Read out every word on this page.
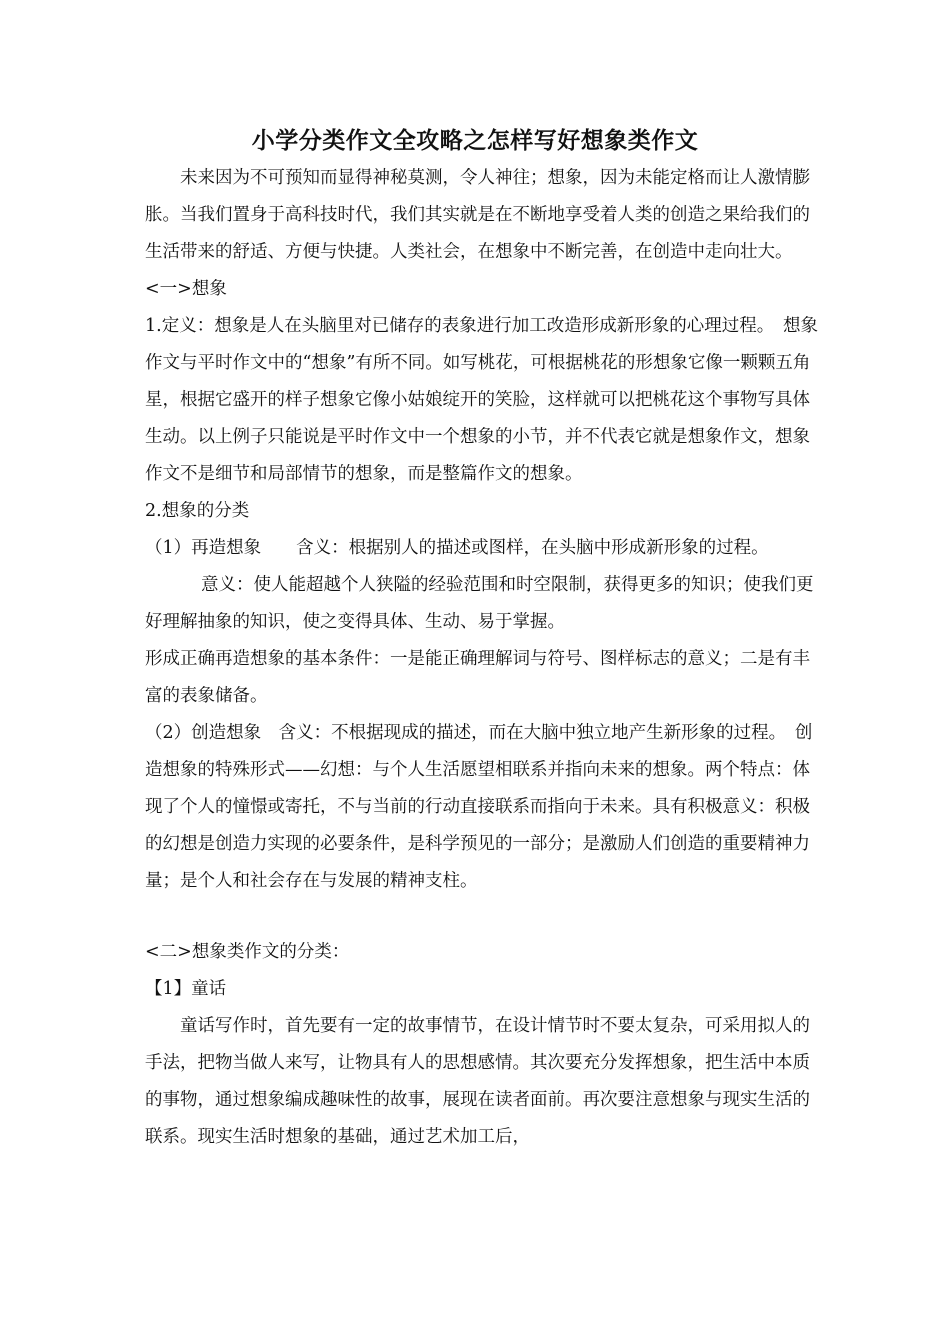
小学分类作文全攻略之怎样写好想象类作文

未来因为不可预知而显得神秘莫测，令人神往；想象，因为未能定格而让人激情膨胀。当我们置身于高科技时代，我们其实就是在不断地享受着人类的创造之果给我们的生活带来的舒适、方便与快捷。人类社会，在想象中不断完善，在创造中走向壮大。

<一>想象

1.定义：想象是人在头脑里对已储存的表象进行加工改造形成新形象的心理过程。　想象作文与平时作文中的“想象”有所不同。如写桃花，可根据桃花的形想象它像一颗颗五角星，根据它盛开的样子想象它像小姑娘绽开的笑脸，这样就可以把桃花这个事物写具体生动。以上例子只能说是平时作文中一个想象的小节，并不代表它就是想象作文，想象作文不是细节和局部情节的想象，而是整篇作文的想象。

2.想象的分类

（1）再造想象　　含义：根据别人的描述或图样，在头脑中形成新形象的过程。

意义：使人能超越个人狭隘的经验范围和时空限制，获得更多的知识；使我们更好理解抽象的知识，使之变得具体、生动、易于掌握。

形成正确再造想象的基本条件：一是能正确理解词与符号、图样标志的意义；二是有丰富的表象储备。

（2）创造想象　含义：不根据现成的描述，而在大脑中独立地产生新形象的过程。　创造想象的特殊形式——幻想：与个人生活愿望相联系并指向未来的想象。两个特点：体现了个人的憧憬或寄托，不与当前的行动直接联系而指向于未来。具有积极意义：积极的幻想是创造力实现的必要条件，是科学预见的一部分；是激励人们创造的重要精神力量；是个人和社会存在与发展的精神支柱。

<二>想象类作文的分类：

【1】童话

童话写作时，首先要有一定的故事情节，在设计情节时不要太复杂，可采用拟人的手法，把物当做人来写，让物具有人的思想感情。其次要充分发挥想象，把生活中本质的事物，通过想象编成趣味性的故事，展现在读者面前。再次要注意想象与现实生活的联系。现实生活时想象的基础，通过艺术加工后，
